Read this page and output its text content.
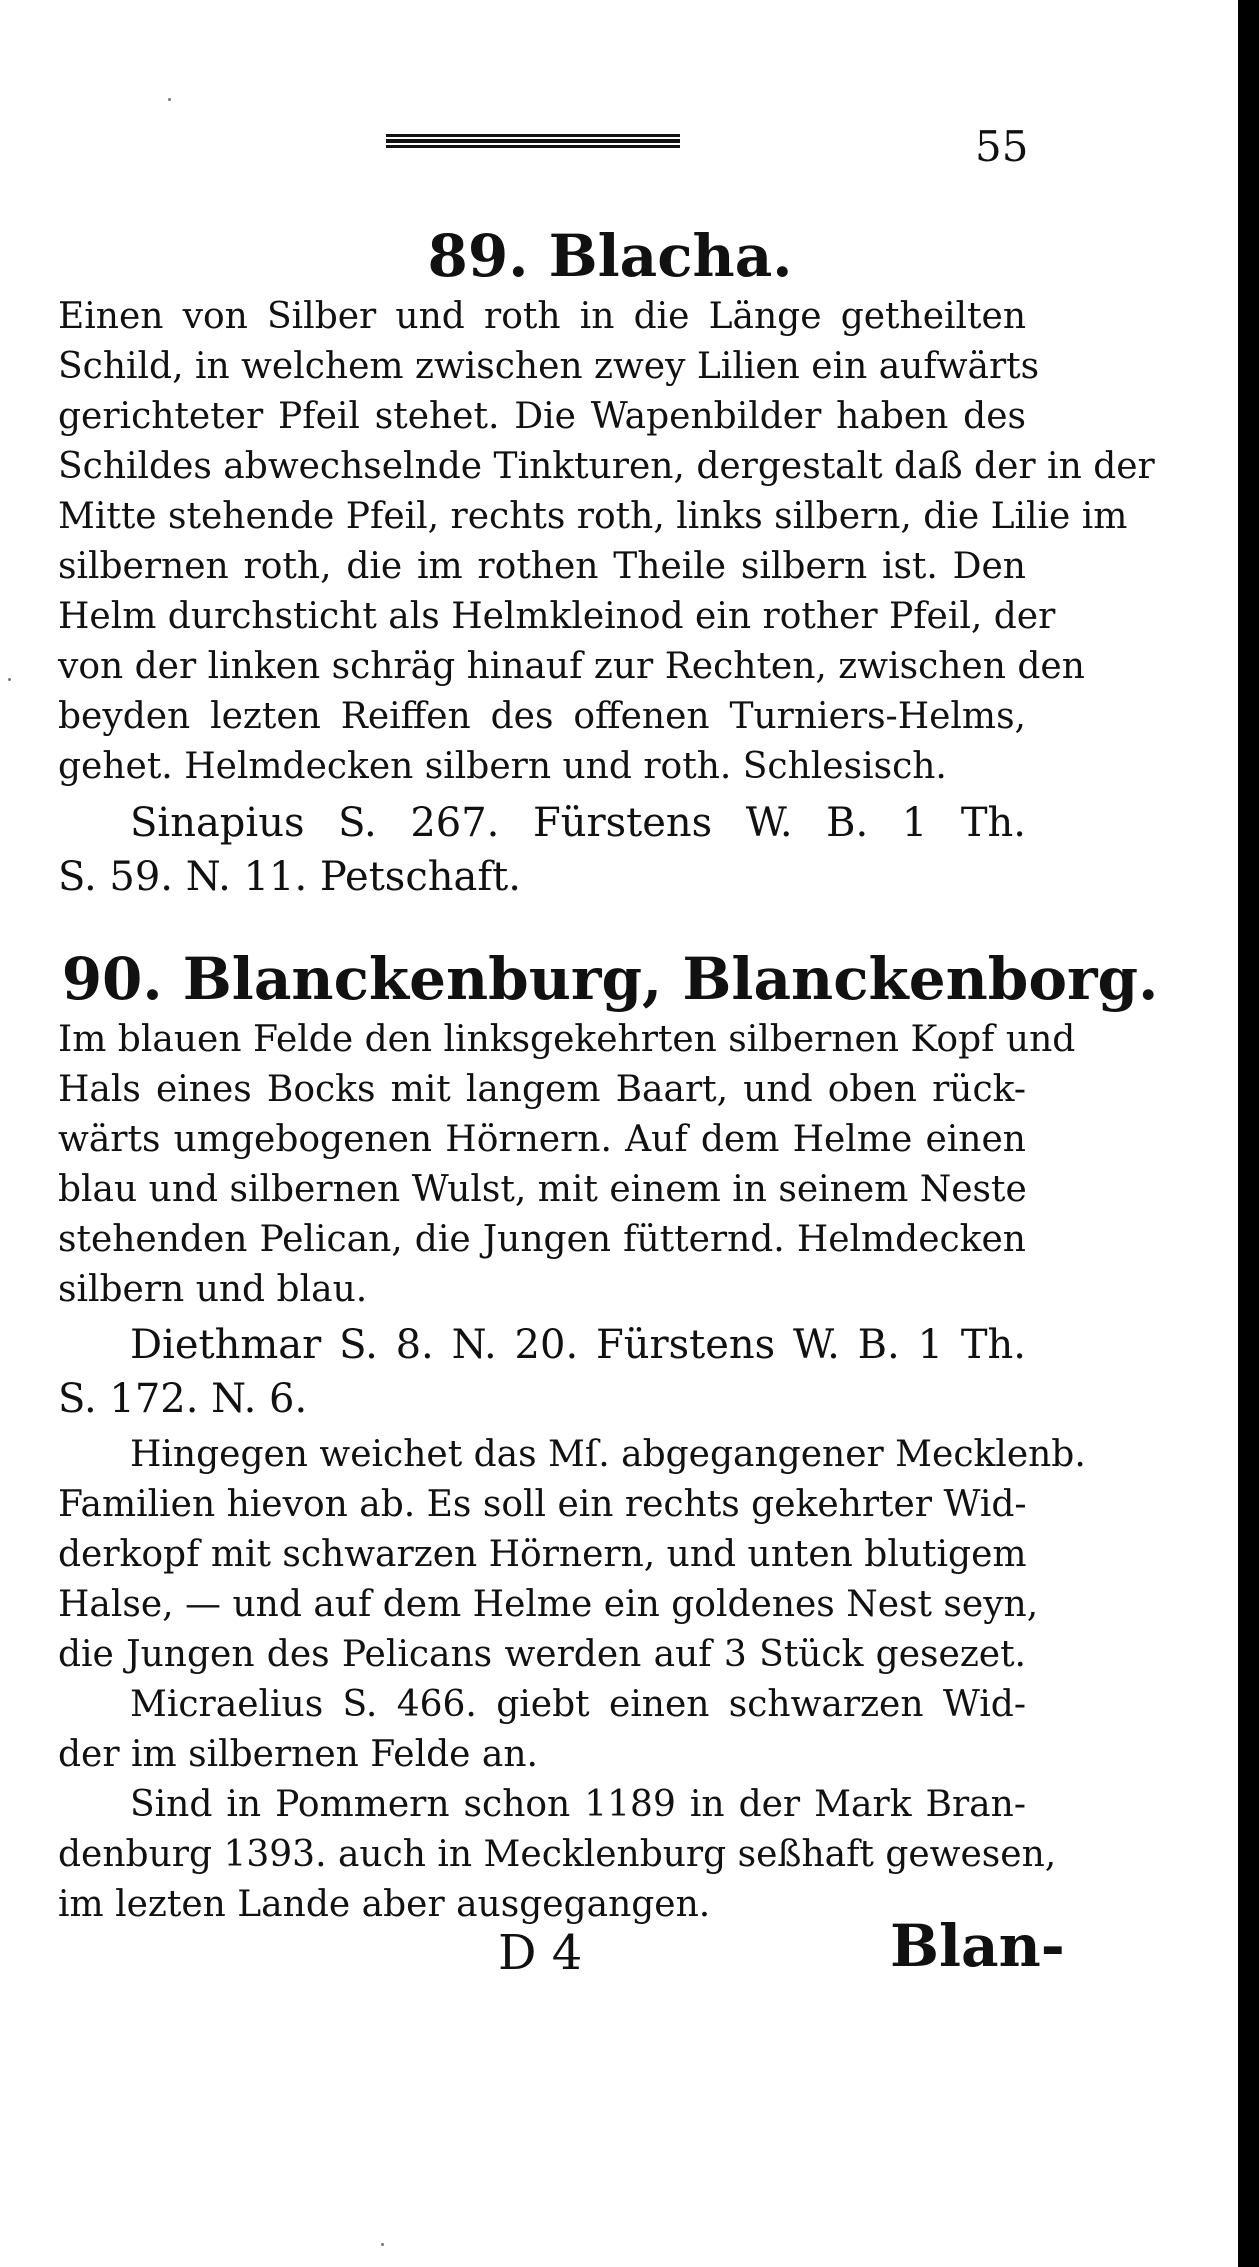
55
89. Blacha.
Einen von Silber und roth in die Länge getheilten
Schild, in welchem zwischen zwey Lilien ein aufwärts
gerichteter Pfeil stehet. Die Wapenbilder haben des
Schildes abwechselnde Tinkturen, dergestalt daß der in der
Mitte stehende Pfeil, rechts roth, links silbern, die Lilie im
silbernen roth, die im rothen Theile silbern ist. Den
Helm durchsticht als Helmkleinod ein rother Pfeil, der
von der linken schräg hinauf zur Rechten, zwischen den
beyden lezten Reiffen des offenen Turniers-Helms,
gehet. Helmdecken silbern und roth. Schlesisch.
Sinapius S. 267. Fürstens W. B. 1 Th.
S. 59. N. 11. Petschaft.
90. Blanckenburg, Blanckenborg.
Im blauen Felde den linksgekehrten silbernen Kopf und
Hals eines Bocks mit langem Baart, und oben rück-
wärts umgebogenen Hörnern. Auf dem Helme einen
blau und silbernen Wulst, mit einem in seinem Neste
stehenden Pelican, die Jungen fütternd. Helmdecken
silbern und blau.
Diethmar S. 8. N. 20. Fürstens W. B. 1 Th.
S. 172. N. 6.
Hingegen weichet das Mſ. abgegangener Mecklenb.
Familien hievon ab. Es soll ein rechts gekehrter Wid-
derkopf mit schwarzen Hörnern, und unten blutigem
Halse, — und auf dem Helme ein goldenes Nest seyn,
die Jungen des Pelicans werden auf 3 Stück gesezet.
Micraelius S. 466. giebt einen schwarzen Wid-
der im silbernen Felde an.
Sind in Pommern schon 1189 in der Mark Bran-
denburg 1393. auch in Mecklenburg seßhaft gewesen,
im lezten Lande aber ausgegangen.
D 4	Blan-
